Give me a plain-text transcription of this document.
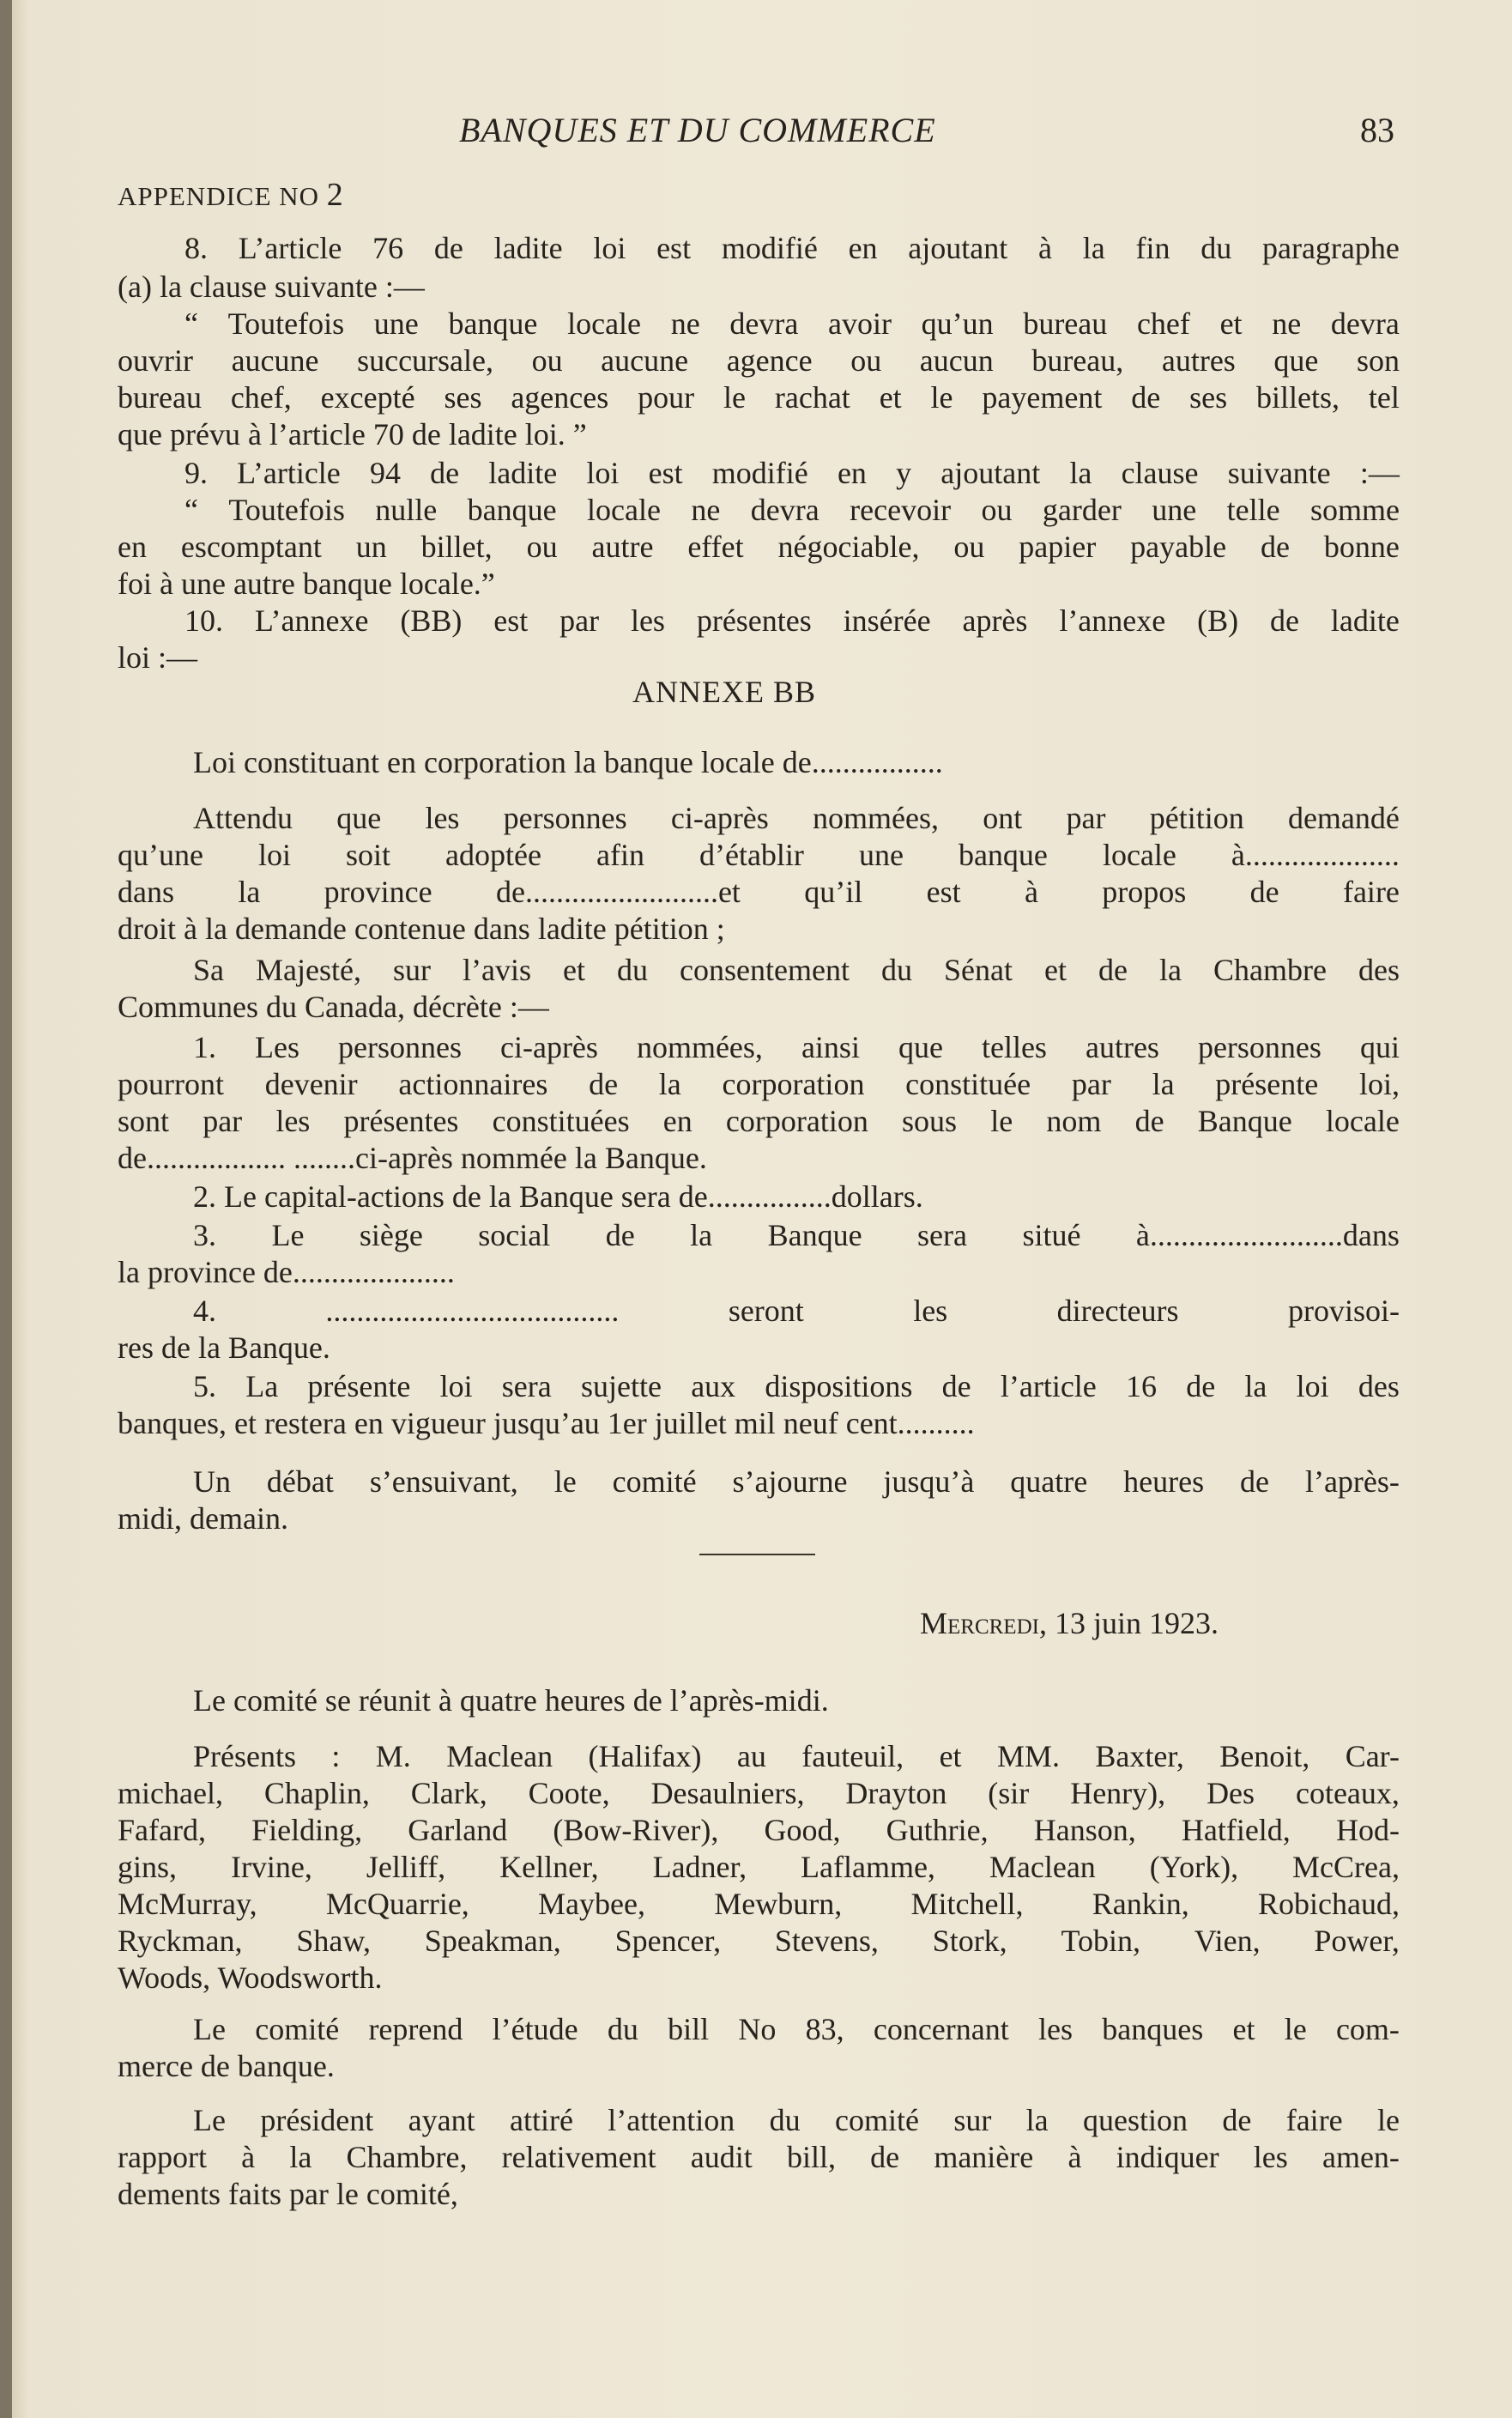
BANQUES ET DU COMMERCE	83
APPENDICE NO 2
8. L’article 76 de ladite loi est modifié en ajoutant à la fin du paragraphe
(a) la clause suivante :—
“ Toutefois une banque locale ne devra avoir qu’un bureau chef et ne devra
ouvrir aucune succursale, ou aucune agence ou aucun bureau, autres que son
bureau chef, excepté ses agences pour le rachat et le payement de ses billets, tel
que prévu à l’article 70 de ladite loi. ”
9. L’article 94 de ladite loi est modifié en y ajoutant la clause suivante :—
“ Toutefois nulle banque locale ne devra recevoir ou garder une telle somme
en escomptant un billet, ou autre effet négociable, ou papier payable de bonne
foi à une autre banque locale.”
10. L’annexe (BB) est par les présentes insérée après l’annexe (B) de ladite
loi :—
ANNEXE BB
Loi constituant en corporation la banque locale de.................
Attendu que les personnes ci-après nommées, ont par pétition demandé
qu’une loi soit adoptée afin d’établir une banque locale à....................
dans la province de.........................et qu’il est à propos de faire
droit à la demande contenue dans ladite pétition ;
Sa Majesté, sur l’avis et du consentement du Sénat et de la Chambre des
Communes du Canada, décrète :—
1. Les personnes ci-après nommées, ainsi que telles autres personnes qui
pourront devenir actionnaires de la corporation constituée par la présente loi,
sont par les présentes constituées en corporation sous le nom de Banque locale
de.................. ........ci-après nommée la Banque.
2. Le capital-actions de la Banque sera de................dollars.
3. Le siège social de la Banque sera situé à.........................dans
la province de.....................
4.	......................................	seront	les	directeurs	provisoi-
res de la Banque.
5. La présente loi sera sujette aux dispositions de l’article 16 de la loi des
banques, et restera en vigueur jusqu’au 1er juillet mil neuf cent..........
Un débat s’ensuivant, le comité s’ajourne jusqu’à quatre heures de l’après-
midi, demain.
Mercredi, 13 juin 1923.
Le comité se réunit à quatre heures de l’après-midi.
Présents : M. Maclean (Halifax) au fauteuil, et MM. Baxter, Benoit, Car-
michael, Chaplin, Clark, Coote, Desaulniers, Drayton (sir Henry), Des coteaux,
Fafard, Fielding, Garland (Bow-River), Good, Guthrie, Hanson, Hatfield, Hod-
gins, Irvine, Jelliff, Kellner, Ladner, Laflamme, Maclean (York), McCrea,
McMurray, McQuarrie, Maybee, Mewburn, Mitchell, Rankin, Robichaud,
Ryckman, Shaw, Speakman, Spencer, Stevens, Stork, Tobin, Vien, Power,
Woods, Woodsworth.
Le comité reprend l’étude du bill No 83, concernant les banques et le com-
merce de banque.
Le président ayant attiré l’attention du comité sur la question de faire le
rapport à la Chambre, relativement audit bill, de manière à indiquer les amen-
dements faits par le comité,
